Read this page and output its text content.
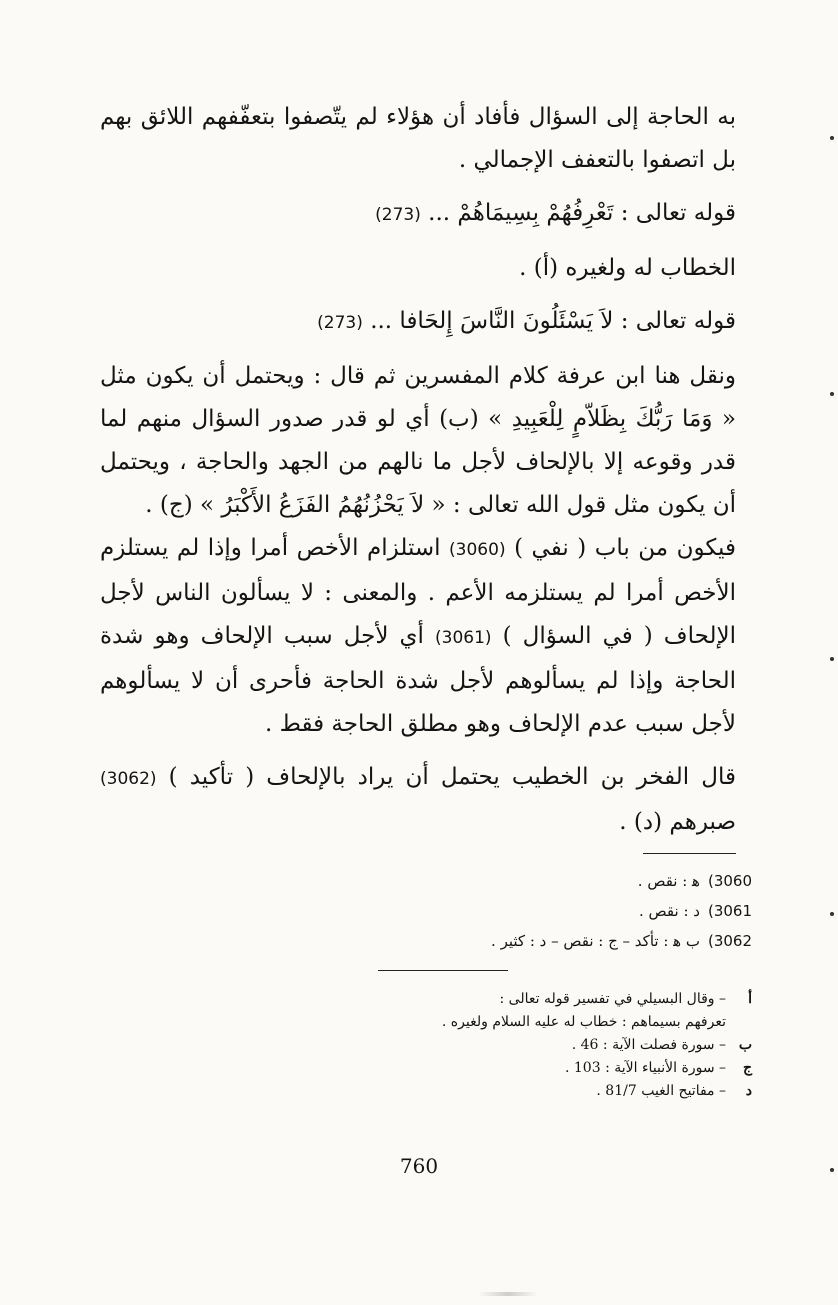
به الحاجة إلى السؤال فأفاد أن هؤلاء لم يتّصفوا بتعفّفهم اللائق بهم بل اتصفوا بالتعفف الإجمالي .

قوله تعالى : تَعْرِفُهُمْ بِسِيمَاهُمْ ... (273)

الخطاب له ولغيره (أ) .

قوله تعالى : لاَ يَسْئَلُونَ النَّاسَ إِلحَافا ... (273)

ونقل هنا ابن عرفة كلام المفسرين ثم قال : ويحتمل أن يكون مثل « وَمَا رَبُّكَ بِظَلاّمٍ لِلْعَبِيدِ » (ب) أي لو قدر صدور السؤال منهم لما قدر وقوعه إلا بالإلحاف لأجل ما نالهم من الجهد والحاجة ، ويحتمل أن يكون مثل قول الله تعالى : « لاَ يَحْزُنُهُمُ الفَزَعُ الأَكْبَرُ » (ج) .

فيكون من باب ( نفي ) (3060) استلزام الأخص أمرا وإذا لم يستلزم الأخص أمرا لم يستلزمه الأعم . والمعنى : لا يسألون الناس لأجل الإلحاف ( في السؤال ) (3061) أي لأجل سبب الإلحاف وهو شدة الحاجة وإذا لم يسألوهم لأجل شدة الحاجة فأحرى أن لا يسألوهم لأجل سبب عدم الإلحاف وهو مطلق الحاجة فقط .

قال الفخر بن الخطيب يحتمل أن يراد بالإلحاف ( تأكيد ) (3062) صبرهم (د) .

(3060
ﻫ : نقص .
(3061
د : نقص .
(3062
ب ﻫ : تأكد – ج : نقص – د : كثير .
أ
– وقال البسيلي في تفسير قوله تعالى :
تعرفهم بسيماهم : خطاب له عليه السلام ولغيره .
ب
– سورة فصلت الآية : 46 .
ج
– سورة الأنبياء الآية : 103 .
د
– مفاتيح الغيب 81/7 .
760
